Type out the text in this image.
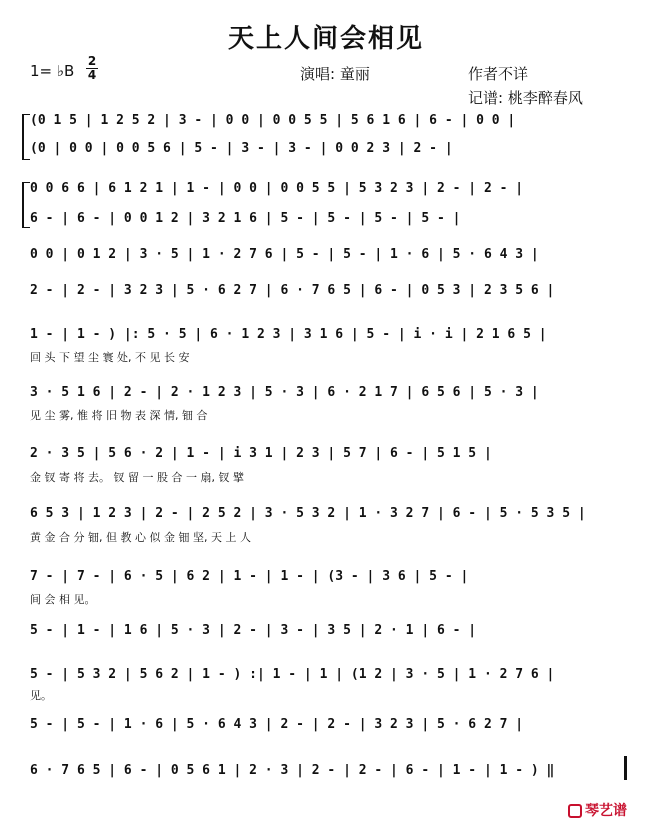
天上人间会相见
1= ♭B
2
4	演唱: 童丽	作者不详
记谱: 桃李醉春风
(0 1 5 | 1 2 5 2 | 3 - | 0 0 | 0 0 5 5 | 5 6 1 6 | 6 - | 0 0 |
(0 | 0 0 | 0 0 5 6 | 5 - | 3 - | 3 - | 0 0 2 3 | 2 - |
0 0 6 6 | 6 1 2 1 | 1 - | 0 0 | 0 0 5 5 | 5 3 2 3 | 2 - | 2 - |
6 - | 6 - | 0 0 1 2 | 3 2 1 6 | 5 - | 5 - | 5 - | 5 - |
0 0 | 0 1 2 | 3 · 5 | 1 · 2 7 6 | 5 - | 5 - | 1 · 6 | 5 · 6 4 3 |
2 - | 2 - | 3 2 3 | 5 · 6 2 7 | 6 · 7 6 5 | 6 - | 0 5 3 | 2 3 5 6 |
1 - | 1 - ) |: 5 · 5 | 6 · 1 2 3 | 3 1 6 | 5 - | i · i | 2 1 6 5 |
回 头 下 望 尘 寰 处, 不 见 长 安
3 · 5 1 6 | 2 - | 2 · 1 2 3 | 5 · 3 | 6 · 2 1 7 | 6 5 6 | 5 · 3 |
见 尘 雾, 惟 将 旧 物 表 深 情, 钿 合
2 · 3 5 | 5 6 · 2 | 1 - | i 3 1 | 2 3 | 5 7 | 6 - | 5 1 5 |
金 钗 寄 将 去。 钗 留 一 股 合 一 扇, 钗 擘
6 5 3 | 1 2 3 | 2 - | 2 5 2 | 3 · 5 3 2 | 1 · 3 2 7 | 6 - | 5 · 5 3 5 |
黄 金 合 分 钿, 但 教 心 似 金 钿 坚, 天 上 人
7 - | 7 - | 6 · 5 | 6 2 | 1 - | 1 - | (3 - | 3 6 | 5 - |
间 会 相 见。
5 - | 1 - | 1 6 | 5 · 3 | 2 - | 3 - | 3 5 | 2 · 1 | 6 - |
5 - | 5 3 2 | 5 6 2 | 1 - ) :| 1 - | 1 | (1 2 | 3 · 5 | 1 · 2 7 6 |
见。
5 - | 5 - | 1 · 6 | 5 · 6 4 3 | 2 - | 2 - | 3 2 3 | 5 · 6 2 7 |
6 · 7 6 5 | 6 - | 0 5 6 1 | 2 · 3 | 2 - | 2 - | 6 - | 1 - | 1 - ) ‖
琴艺谱
